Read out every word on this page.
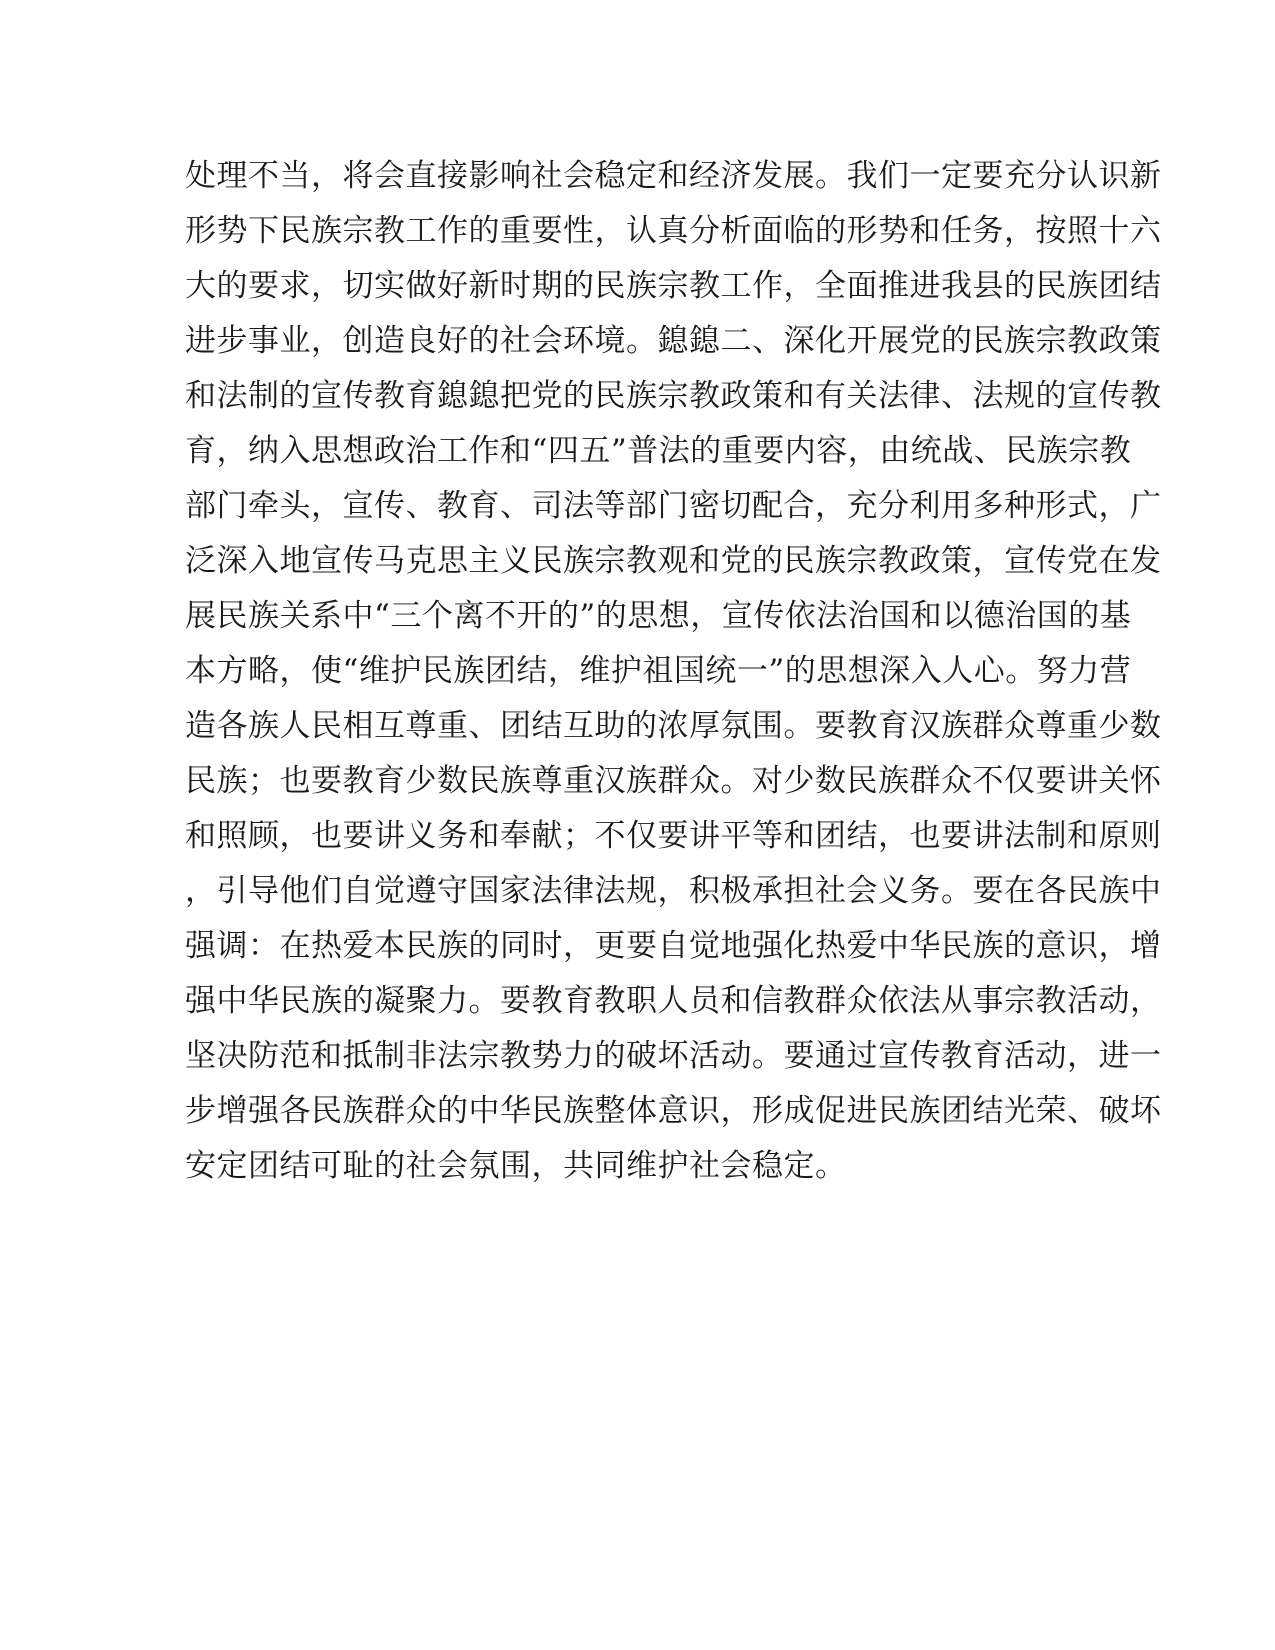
处理不当，将会直接影响社会稳定和经济发展。我们一定要充分认识新
形势下民族宗教工作的重要性，认真分析面临的形势和任务，按照十六
大的要求，切实做好新时期的民族宗教工作，全面推进我县的民族团结
进步事业，创造良好的社会环境。鎴鎴二、深化开展党的民族宗教政策
和法制的宣传教育鎴鎴把党的民族宗教政策和有关法律、法规的宣传教
育，纳入思想政治工作和“四五”普法的重要内容，由统战、民族宗教
部门牵头，宣传、教育、司法等部门密切配合，充分利用多种形式，广
泛深入地宣传马克思主义民族宗教观和党的民族宗教政策，宣传党在发
展民族关系中“三个离不开的”的思想，宣传依法治国和以德治国的基
本方略，使“维护民族团结，维护祖国统一”的思想深入人心。努力营
造各族人民相互尊重、团结互助的浓厚氛围。要教育汉族群众尊重少数
民族；也要教育少数民族尊重汉族群众。对少数民族群众不仅要讲关怀
和照顾，也要讲义务和奉献；不仅要讲平等和团结，也要讲法制和原则
，引导他们自觉遵守国家法律法规，积极承担社会义务。要在各民族中
强调：在热爱本民族的同时，更要自觉地强化热爱中华民族的意识，增
强中华民族的凝聚力。要教育教职人员和信教群众依法从事宗教活动，
坚决防范和抵制非法宗教势力的破坏活动。要通过宣传教育活动，进一
步增强各民族群众的中华民族整体意识，形成促进民族团结光荣、破坏
安定团结可耻的社会氛围，共同维护社会稳定。
